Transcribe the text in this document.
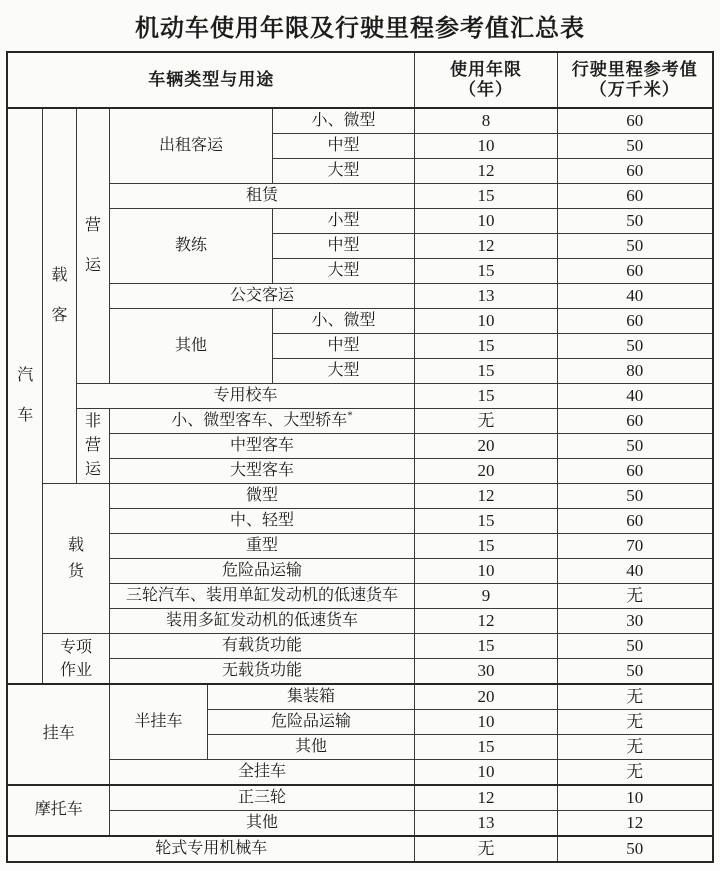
机动车使用年限及行驶里程参考值汇总表
车辆类型与用途	
使用年限
（年）

行驶里程参考值
（万千米）

汽车	载客	营运	出租客运		小、微型	8	60
					中型	10	50
					大型	12	60
			租赁			15	60
			教练		小型	10	50
					中型	12	50
					大型	15	60
			公交客运			13	40
			其他		小、微型	10	60
					中型	15	50
					大型	15	80
		专用校车				15	40
		非营运	小、微型客车、大型轿车*			无	60
			中型客车			20	50
			大型客车			20	60
	载货		微型			12	50
			中、轻型			15	60
			重型			15	70
			危险品运输			10	40
			三轮汽车、装用单缸发动机的低速货车			9	无
			装用多缸发动机的低速货车			12	30
	专项作业		有载货功能			15	50
			无载货功能			30	50
挂车			半挂车	集装箱		20	无
				危险品运输		10	无
				其他		15	无
			全挂车			10	无
摩托车			正三轮			12	10
			其他			13	12
轮式专用机械车						无	50
